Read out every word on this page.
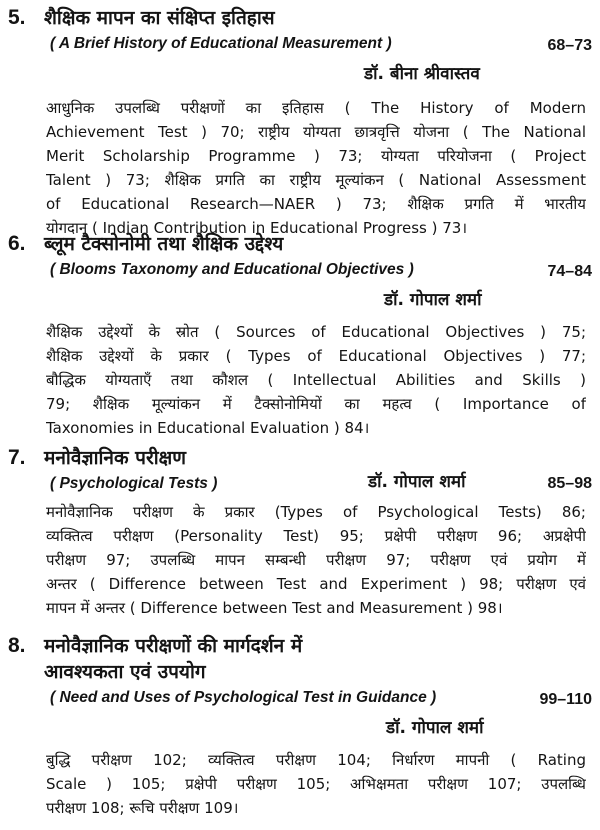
5. शैक्षिक मापन का संक्षिप्त इतिहास
( A Brief History of Educational Measurement )	68–73
डॉ. बीना श्रीवास्तव

आधुनिक उपलब्धि परीक्षणों का इतिहास ( The History of Modern

Achievement Test ) 70; राष्ट्रीय योग्यता छात्रवृत्ति योजना ( The National

Merit Scholarship Programme ) 73; योग्यता परियोजना ( Project

Talent ) 73; शैक्षिक प्रगति का राष्ट्रीय मूल्यांकन ( National Assessment

of Educational Research—NAER ) 73; शैक्षिक प्रगति में भारतीय

योगदान ( Indian Contribution in Educational Progress ) 73।

6. ब्लूम टैक्सोनोमी तथा शैक्षिक उद्देश्य
( Blooms Taxonomy and Educational Objectives )	74–84
डॉ. गोपाल शर्मा

शैक्षिक उद्देश्यों के स्रोत ( Sources of Educational Objectives ) 75;

शैक्षिक उद्देश्यों के प्रकार ( Types of Educational Objectives ) 77;

बौद्धिक योग्यताएँ तथा कौशल ( Intellectual Abilities and Skills )

79; शैक्षिक मूल्यांकन में टैक्सोनोमियों का महत्व ( Importance of

Taxonomies in Educational Evaluation ) 84।

7. मनोवैज्ञानिक परीक्षण
( Psychological Tests )	85–98
डॉ. गोपाल शर्मा

मनोवैज्ञानिक परीक्षण के प्रकार (Types of Psychological Tests) 86;

व्यक्तित्व परीक्षण (Personality Test) 95; प्रक्षेपी परीक्षण 96; अप्रक्षेपी

परीक्षण 97; उपलब्धि मापन सम्बन्धी परीक्षण 97; परीक्षण एवं प्रयोग में

अन्तर ( Difference between Test and Experiment ) 98; परीक्षण एवं

मापन में अन्तर ( Difference between Test and Measurement ) 98।

8. मनोवैज्ञानिक परीक्षणों की मार्गदर्शन में
आवश्यकता एवं उपयोग
( Need and Uses of Psychological Test in Guidance )	99–110
डॉ. गोपाल शर्मा

बुद्धि परीक्षण 102; व्यक्तित्व परीक्षण 104; निर्धारण मापनी ( Rating

Scale ) 105; प्रक्षेपी परीक्षण 105; अभिक्षमता परीक्षण 107; उपलब्धि

परीक्षण 108; रूचि परीक्षण 109।
